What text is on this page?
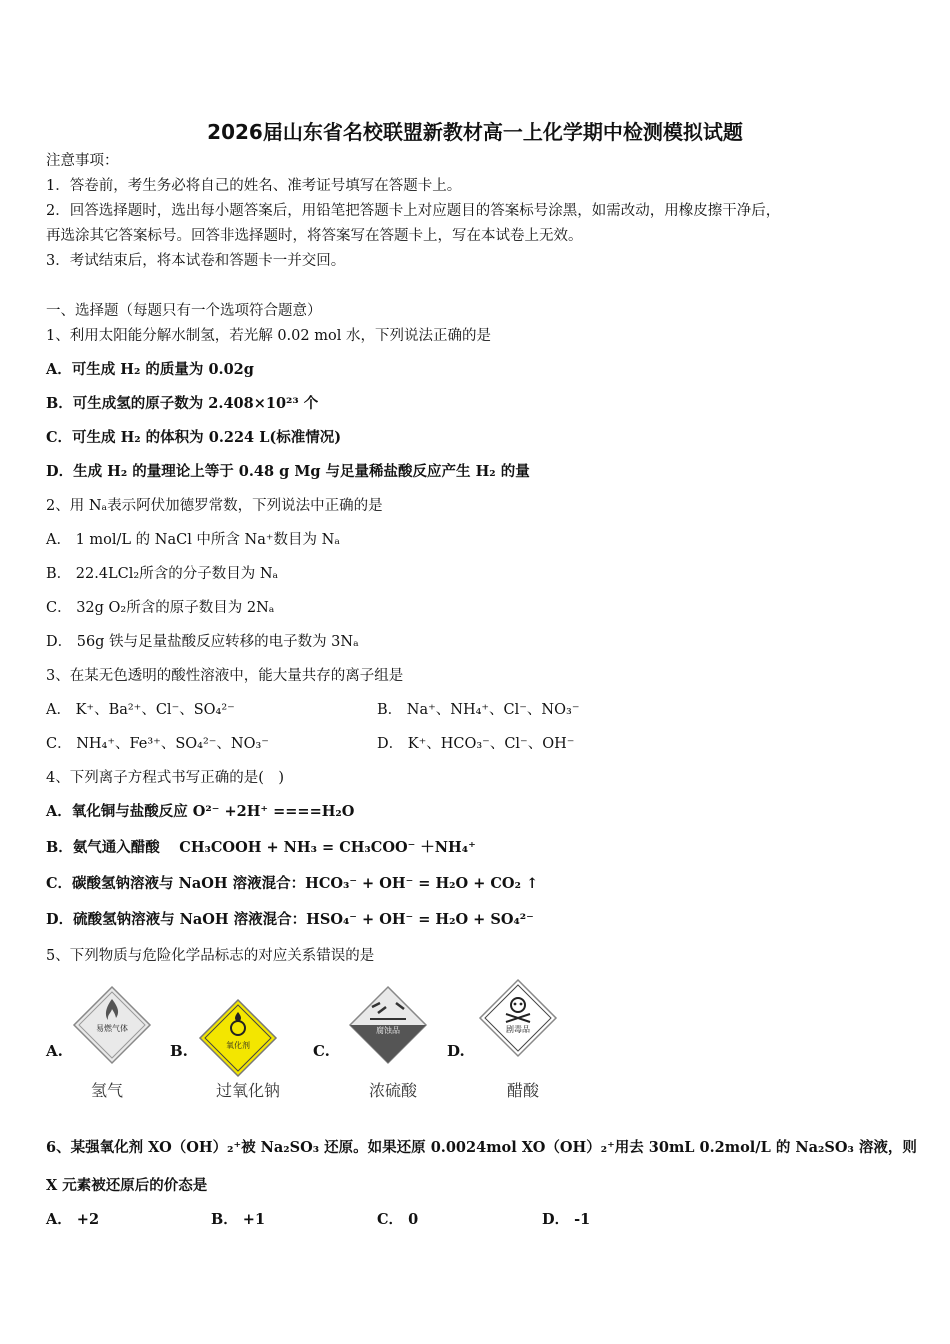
2026届山东省名校联盟新教材高一上化学期中检测模拟试题
注意事项：
1．答卷前，考生务必将自己的姓名、准考证号填写在答题卡上。
2．回答选择题时，选出每小题答案后，用铅笔把答题卡上对应题目的答案标号涂黑，如需改动，用橡皮擦干净后，
再选涂其它答案标号。回答非选择题时，将答案写在答题卡上，写在本试卷上无效。
3．考试结束后，将本试卷和答题卡一并交回。
一、选择题（每题只有一个选项符合题意）
1、利用太阳能分解水制氢，若光解 0.02 mol 水，下列说法正确的是
A．可生成 H₂ 的质量为 0.02g
B．可生成氢的原子数为 2.408×10²³ 个
C．可生成 H₂ 的体积为 0.224 L(标准情况)
D．生成 H₂ 的量理论上等于 0.48 g Mg 与足量稀盐酸反应产生 H₂ 的量
2、用 Nₐ表示阿伏加德罗常数，下列说法中正确的是
A． 1 mol/L 的 NaCl 中所含 Na⁺数目为 Nₐ
B． 22.4LCl₂所含的分子数目为 Nₐ
C． 32g O₂所含的原子数目为 2Nₐ
D． 56g 铁与足量盐酸反应转移的电子数为 3Nₐ
3、在某无色透明的酸性溶液中，能大量共存的离子组是
A． K⁺、Ba²⁺、Cl⁻、SO₄²⁻	B． Na⁺、NH₄⁺、Cl⁻、NO₃⁻
C． NH₄⁺、Fe³⁺、SO₄²⁻、NO₃⁻	D． K⁺、HCO₃⁻、Cl⁻、OH⁻
4、下列离子方程式书写正确的是(　)
A．氧化铜与盐酸反应 O²⁻ +2H⁺ ====H₂O
B．氨气通入醋酸　 CH₃COOH + NH₃ = CH₃COO⁻ ＋NH₄⁺
C．碳酸氢钠溶液与 NaOH 溶液混合：HCO₃⁻ + OH⁻ = H₂O + CO₂ ↑
D．硫酸氢钠溶液与 NaOH 溶液混合：HSO₄⁻ + OH⁻ = H₂O + SO₄²⁻
5、下列物质与危险化学品标志的对应关系错误的是
A.
易燃气体
氢气
B.	氧化剂
过氧化钠
C.
腐蚀品
浓硫酸
D.
剧毒品
醋酸
6、某强氧化剂 XO（OH）₂⁺被 Na₂SO₃ 还原。如果还原 0.0024mol XO（OH）₂⁺用去 30mL 0.2mol/L 的 Na₂SO₃ 溶液，则
X 元素被还原后的价态是
A． +2	B． +1	C． 0	D． -1
